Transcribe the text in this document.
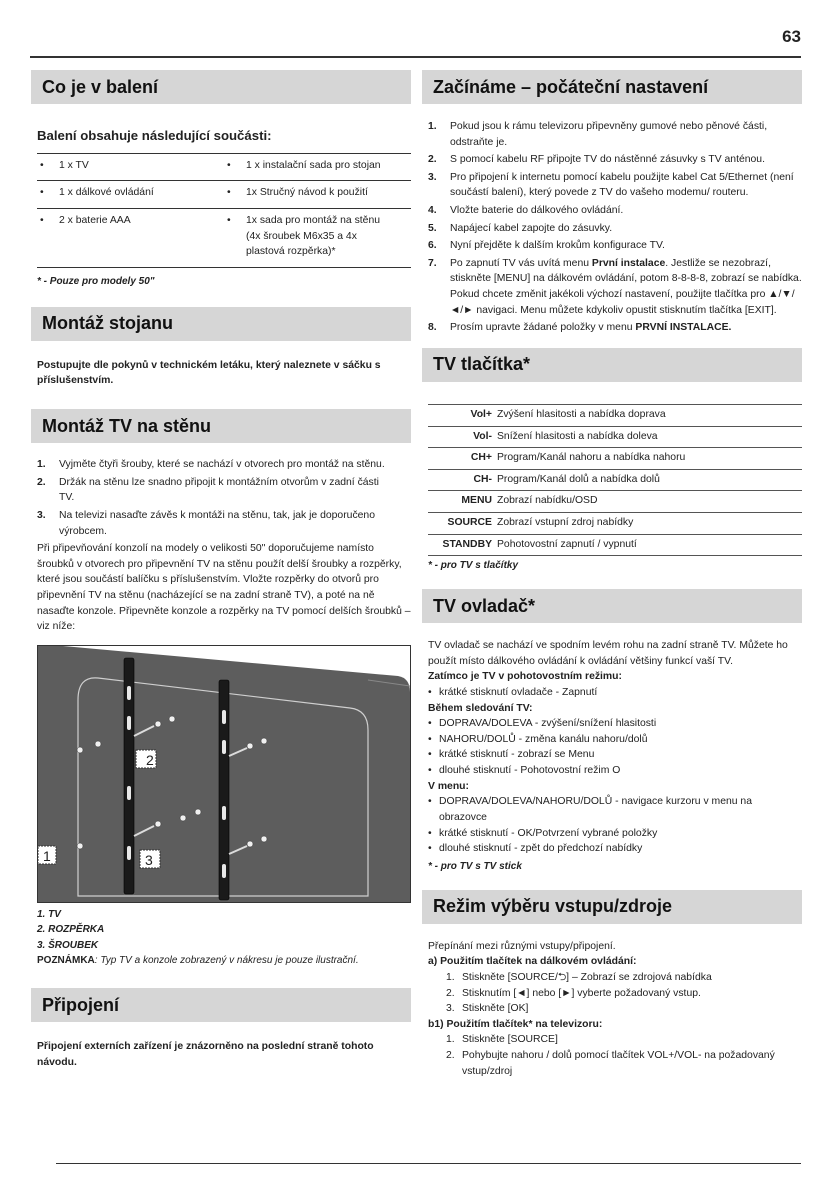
63
Co je v balení
Balení obsahuje následující součásti:
• 1 x TV	• 1 x instalační sada pro stojan

• 1 x dálkové ovládání	• 1x Stručný návod k použití

• 2 x baterie AAA	• 1x sada pro montáž na stěnu (4x šroubek M6x35 a 4x plastová rozpěrka)*
* - Pouze pro modely 50"
Montáž stojanu
Postupujte dle pokynů v technickém letáku, který naleznete v sáčku s příslušenstvím.
Montáž TV na stěnu
1.	Vyjměte čtyři šrouby, které se nachází v otvorech pro montáž na stěnu.
2.	Držák na stěnu lze snadno připojit k montážním otvorům v zadní části TV.
3.	Na televizi nasaďte závěs k montáži na stěnu, tak, jak je doporučeno výrobcem.
Při připevňování konzolí na modely o velikosti 50" doporučujeme namísto šroubků v otvorech pro připevnění TV na stěnu použít delší šroubky a rozpěrky, které jsou součástí balíčku s příslušenstvím. Vložte rozpěrky do otvorů pro připevnění TV na stěnu (nacházející se na zadní straně TV), a poté na ně nasaďte konzole. Připevněte konzole a rozpěrky na TV pomocí delších šroubků – viz níže:
2
1	3
1. TV
2. ROZPĚRKA
3. ŠROUBEK
POZNÁMKA: Typ TV a konzole zobrazený v nákresu je pouze ilustrační.
Připojení
Připojení externích zařízení je znázorněno na poslední straně tohoto návodu.
Začínáme – počáteční nastavení
1.	Pokud jsou k rámu televizoru připevněny gumové nebo pěnové části, odstraňte je.
2.	S pomocí kabelu RF připojte TV do nástěnné zásuvky s TV anténou.
3.	Pro připojení k internetu pomocí kabelu použijte kabel Cat 5/Ethernet (není součástí balení), který povede z TV do vašeho modemu/ routeru.
4.	Vložte baterie do dálkového ovládání.
5.	Napájecí kabel zapojte do zásuvky.
6.	Nyní přejděte k dalším krokům konfigurace TV.
7.	Po zapnutí TV vás uvítá menu První instalace. Jestliže se nezobrazí, stiskněte [MENU] na dálkovém ovládání, potom 8-8-8-8, zobrazí se nabídka. Pokud chcete změnit jakékoli výchozí nastavení, použijte tlačítka pro ▲/▼/◄/► navigaci. Menu můžete kdykoliv opustit stisknutím tlačítka [EXIT].
8.	Prosím upravte žádané položky v menu PRVNÍ INSTALACE.
TV tlačítka*
Vol+	Zvýšení hlasitosti a nabídka doprava
Vol-	Snížení hlasitosti a nabídka doleva
CH+	Program/Kanál nahoru a nabídka nahoru
CH-	Program/Kanál dolů a nabídka dolů
MENU	Zobrazí nabídku/OSD
SOURCE	Zobrazí vstupní zdroj nabídky
STANDBY	Pohotovostní zapnutí / vypnutí
* - pro TV s tlačítky
TV ovladač*
TV ovladač se nachází ve spodním levém rohu na zadní straně TV. Můžete ho použít místo dálkového ovládání k ovládání většiny funkcí vaší TV.
Zatímco je TV v pohotovostním režimu:
• krátké stisknutí ovladače - Zapnutí
Během sledování TV:
• DOPRAVA/DOLEVA - zvýšení/snížení hlasitosti
• NAHORU/DOLŮ - změna kanálu nahoru/dolů
• krátké stisknutí - zobrazí se Menu
• dlouhé stisknutí - Pohotovostní režim O
V menu:
• DOPRAVA/DOLEVA/NAHORU/DOLŮ - navigace kurzoru v menu na obrazovce
• krátké stisknutí - OK/Potvrzení vybrané položky
• dlouhé stisknutí - zpět do předchozí nabídky
* - pro TV s TV stick
Režim výběru vstupu/zdroje
Přepínání mezi různými vstupy/připojení.
a) Použitím tlačítek na dálkovém ovládání:
1. Stiskněte [SOURCE/⮌] – Zobrazí se zdrojová nabídka
2. Stisknutím [◄] nebo [►] vyberte požadovaný vstup.
3. Stiskněte [OK]
b1) Použitím tlačítek* na televizoru:
1. Stiskněte [SOURCE]
2. Pohybujte nahoru / dolů pomocí tlačítek VOL+/VOL- na požadovaný vstup/zdroj
